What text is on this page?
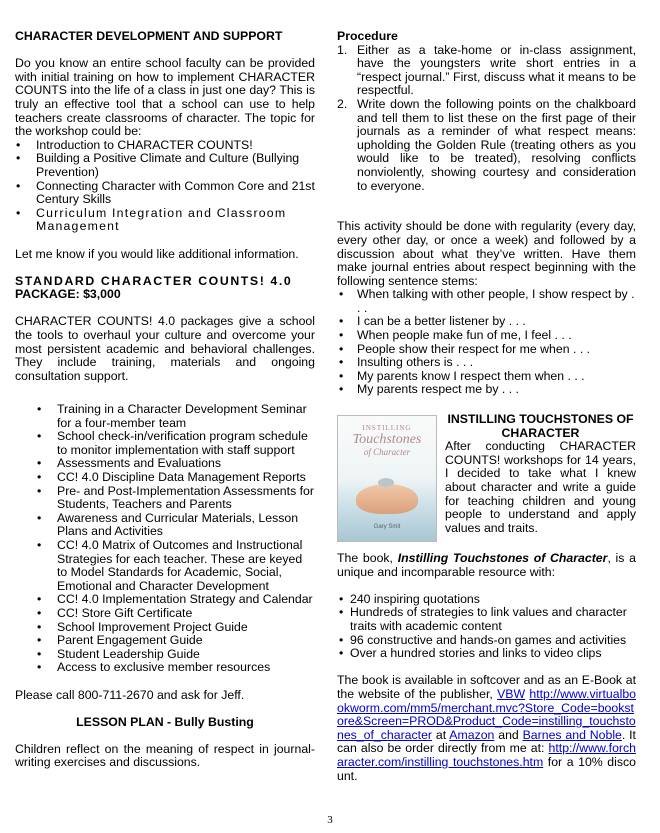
CHARACTER DEVELOPMENT AND SUPPORT

Do you know an entire school faculty can be provided with initial training on how to implement CHARACTER COUNTS into the life of a class in just one day? This is truly an effective tool that a school can use to help teachers create classrooms of character. The topic for the workshop could be:

• Introduction to CHARACTER COUNTS!
• Building a Positive Climate and Culture (Bullying Prevention)
• Connecting Character with Common Core and 21st Century Skills
• Curriculum Integration and Classroom Management

Let me know if you would like additional information.

STANDARD CHARACTER COUNTS! 4.0

PACKAGE: $3,000

CHARACTER COUNTS! 4.0 packages give a school the tools to overhaul your culture and overcome your most persistent academic and behavioral challenges. They include training, materials and ongoing consultation support.

• Training in a Character Development Seminar for a four-member team
• School check-in/verification program schedule to monitor implementation with staff support
• Assessments and Evaluations
• CC! 4.0 Discipline Data Management Reports
• Pre- and Post-Implementation Assessments for Students, Teachers and Parents
• Awareness and Curricular Materials, Lesson Plans and Activities
• CC! 4.0 Matrix of Outcomes and Instructional Strategies for each teacher. These are keyed to Model Standards for Academic, Social, Emotional and Character Development
• CC! 4.0 Implementation Strategy and Calendar
• CC! Store Gift Certificate
• School Improvement Project Guide
• Parent Engagement Guide
• Student Leadership Guide
• Access to exclusive member resources

Please call 800-711-2670 and ask for Jeff.

LESSON PLAN - Bully Busting

Children reflect on the meaning of respect in journal-writing exercises and discussions.

Procedure

1. Either as a take-home or in-class assignment, have the youngsters write short entries in a “respect journal.” First, discuss what it means to be respectful.
2. Write down the following points on the chalkboard and tell them to list these on the first page of their journals as a reminder of what respect means: upholding the Golden Rule (treating others as you would like to be treated), resolving conflicts nonviolently, showing courtesy and consideration to everyone.

This activity should be done with regularity (every day, every other day, or once a week) and followed by a discussion about what they’ve written. Have them make journal entries about respect beginning with the following sentence stems:

• When talking with other people, I show respect by . . .
• I can be a better listener by . . .
• When people make fun of me, I feel . . .
• People show their respect for me when . . .
• Insulting others is . . .
• My parents know I respect them when . . .
• My parents respect me by . . .
INSTILLING
Touchstones
of Character
Gary Smit

INSTILLING TOUCHSTONES OF CHARACTER

After conducting CHARACTER COUNTS! workshops for 14 years, I decided to take what I knew about character and write a guide for teaching children and young people to understand and apply values and traits.

The book, Instilling Touchstones of Character, is a unique and incomparable resource with:

• 240 inspiring quotations
• Hundreds of strategies to link values and character traits with academic content
• 96 constructive and hands-on games and activities
• Over a hundred stories and links to video clips

The book is available in softcover and as an E-Book at the website of the publisher, VBW http://www.virtualbookworm.com/mm5/merchant.mvc?Store_Code=bookstore&Screen=PROD&Product_Code=instilling_touchstones_of_character at Amazon and Barnes and Noble. It can also be order directly from me at: http://www.forcharacter.com/instilling touchstones.htm for a 10% discount.

3
